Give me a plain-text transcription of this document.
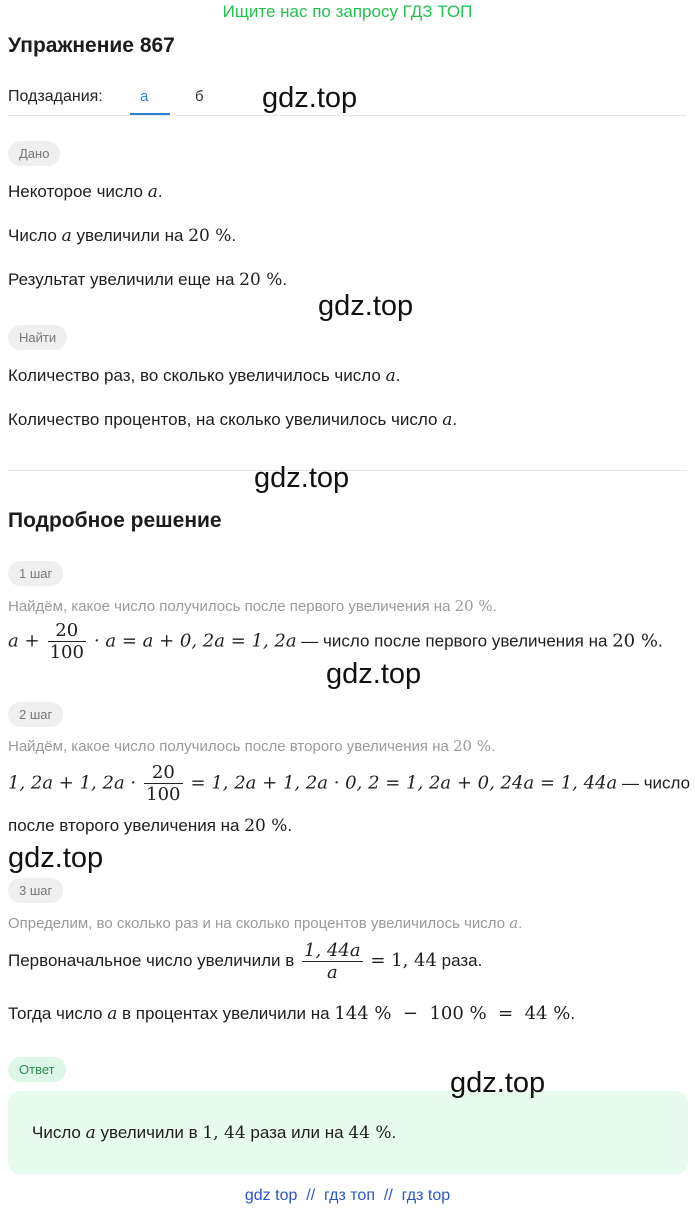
Ищите нас по запросу ГДЗ ТОП
Упражнение 867
Подзадания: а	б gdz.top
Дано
Некоторое число a.
Число a увеличили на 20 %.
Результат увеличили еще на 20 %.
gdz.top
Найти
Количество раз, во сколько увеличилось число a.
Количество процентов, на сколько увеличилось число a.
gdz.top
Подробное решение
1 шаг
Найдём, какое число получилось после первого увеличения на 20 %.
$a + \frac{20}{100} \cdot a = a + 0$, 2a = 1, 2a — число после первого увеличения на 20 %.
gdz.top
2 шаг
Найдём, какое число получилось после второго увеличения на 20 %.
1, 2a + 1, $2a \cdot \frac{20}{100} = 1$, 2a + 1, 2a · 0, 2 = 1, 2a + 0, 24a = 1, 44a — число
после второго увеличения на 20 %.
gdz.top
3 шаг
Определим, во сколько раз и на сколько процентов увеличилось число a.
Первоначальное число увеличили в $\frac{1, 44a}{a} = 1$, 44 раза.
Тогда число a в процентах увеличили на 144 %  −  100 %  =  44 %.
Ответ
Число a увеличили в 1, 44 раза или на 44 %.
gdz.top
gdz top  //  гдз топ  //  гдз top
